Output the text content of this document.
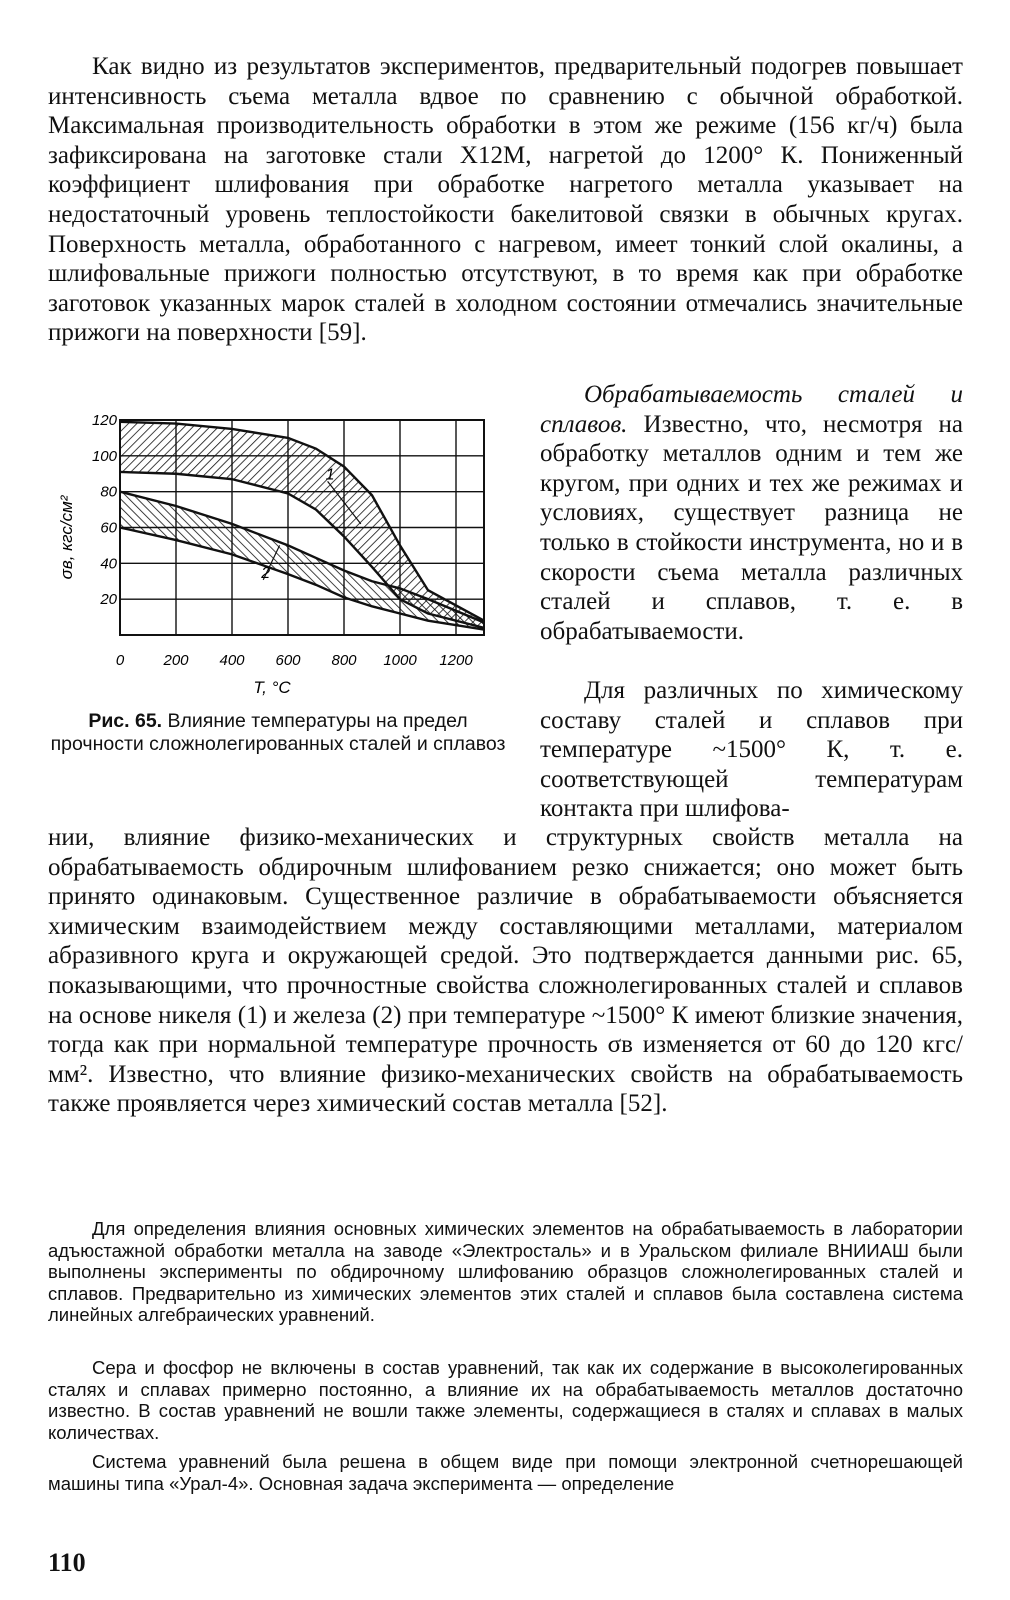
Как видно из результатов экспериментов, предварительный подогрев повышает интенсивность съема металла вдвое по сравнению с обычной обработкой. Максимальная производительность обработки в этом же режиме (156 кг/ч) была зафиксирована на заготовке стали Х12М, нагретой до 1200° К. Пониженный коэффициент шлифования при обработке нагретого металла указывает на недостаточный уровень теплостойкости бакелитовой связки в обычных кругах. Поверхность металла, обработанного с нагревом, имеет тонкий слой окалины, а шлифовальные прижоги полностью отсутствуют, в то время как при обработке заготовок указанных марок сталей в холодном состоянии отмечались значительные прижоги на поверхности [59].

Обрабатываемость сталей и сплавов. Известно, что, несмотря на обработку металлов одним и тем же кругом, при одних и тех же режимах и условиях, существует разница не только в стойкости инструмента, но и в скорости съема металла различных сталей и сплавов, т. е. в обрабатываемости.

0	200 400 600 800 1000 1200
20
40
60
80
100
120
1
2
T, °C
σв, кгс/см²
Рис. 65. Влияние температуры на предел прочности сложнолегированных сталей и сплавоз

Для различных по химическому составу сталей и сплавов при температуре ~1500° К, т. е. соответствующей температурам контакта при шлифова-

нии, влияние физико-механических и структурных свойств металла на обрабатываемость обдирочным шлифованием резко снижается; оно может быть принято одинаковым. Существенное различие в обрабатываемости объясняется химическим взаимодействием между составляющими металлами, материалом абразивного круга и окружающей средой. Это подтверждается данными рис. 65, показывающими, что прочностные свойства сложнолегированных сталей и сплавов на основе никеля (1) и железа (2) при температуре ~1500° К имеют близкие значения, тогда как при нормальной температуре прочность σв изменяется от 60 до 120 кгс/мм². Известно, что влияние физико-механических свойств на обрабатываемость также проявляется через химический состав металла [52].

Для определения влияния основных химических элементов на обрабатываемость в лаборатории адъюстажной обработки металла на заводе «Электросталь» и в Уральском филиале ВНИИАШ были выполнены эксперименты по обдирочному шлифованию образцов сложнолегированных сталей и сплавов. Предварительно из химических элементов этих сталей и сплавов была составлена система линейных алгебраических уравнений.

Сера и фосфор не включены в состав уравнений, так как их содержание в высоколегированных сталях и сплавах примерно постоянно, а влияние их на обрабатываемость металлов достаточно известно. В состав уравнений не вошли также элементы, содержащиеся в сталях и сплавах в малых количествах.

Система уравнений была решена в общем виде при помощи электронной счетнорешающей машины типа «Урал-4». Основная задача эксперимента — определение

110
